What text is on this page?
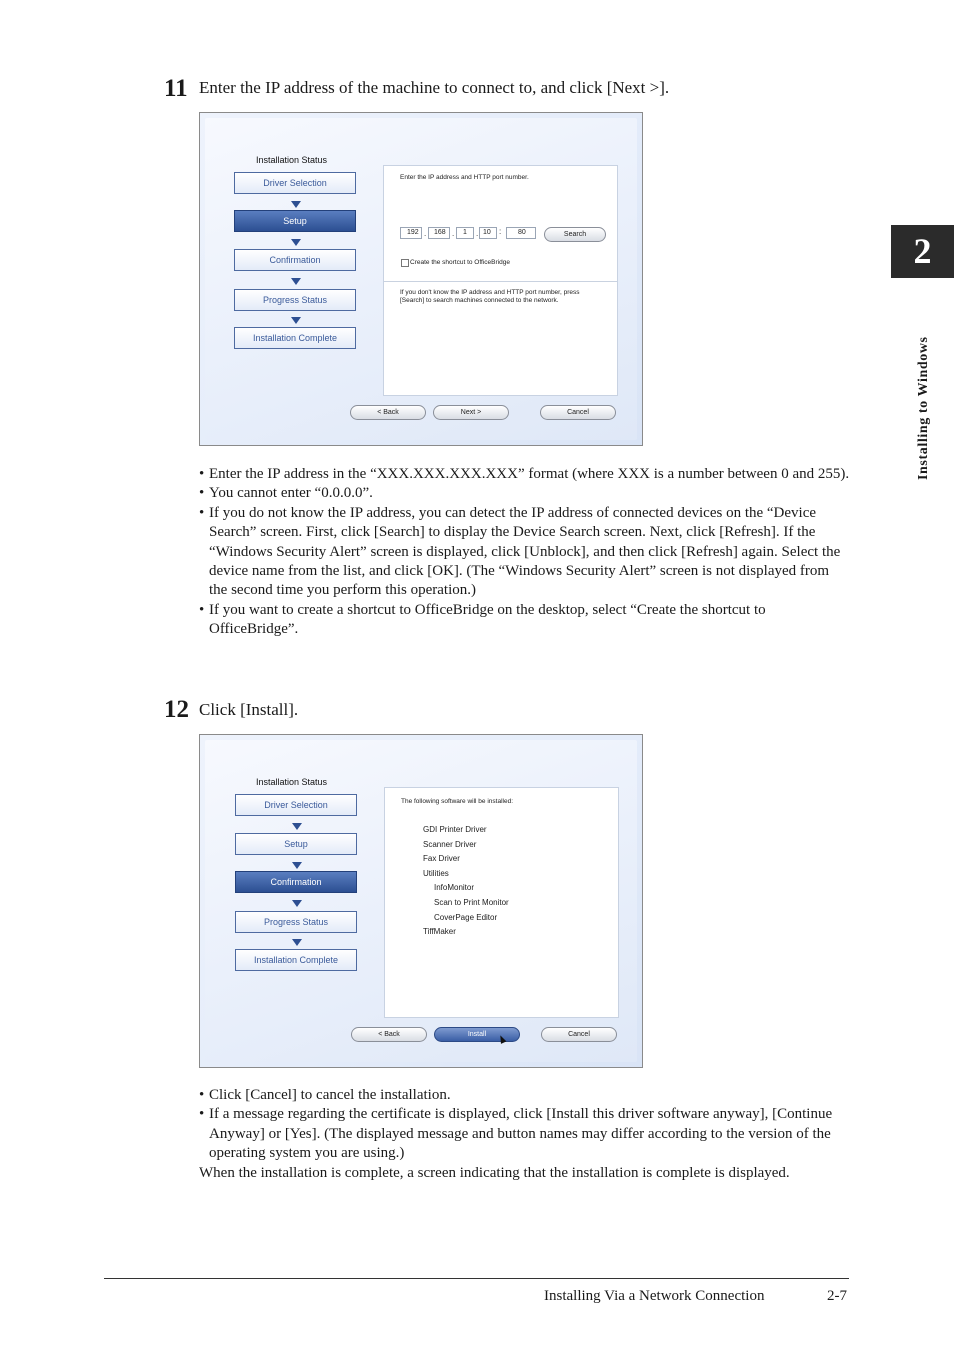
2
Installing to Windows
11 Enter the IP address of the machine to connect to, and click [Next >].
Installation Status
Driver Selection
Setup
Confirmation
Progress Status
Installation Complete
Enter the IP address and HTTP port number.
192 .	168 .	1	. 10	:	80	Search
Create the shortcut to OfficeBridge
If you don't know the IP address and HTTP port number, press
[Search] to search machines connected to the network.
< Back	Next >	Cancel
• Enter the IP address in the “XXX.XXX.XXX.XXX” format (where XXX is a number between 0 and 255).
• You cannot enter “0.0.0.0”.
• If you do not know the IP address, you can detect the IP address of connected devices on the “Device Search” screen. First, click [Search] to display the Device Search screen. Next, click [Refresh]. If the “Windows Security Alert” screen is displayed, click [Unblock], and then click [Refresh] again. Select the device name from the list, and click [OK]. (The “Windows Security Alert” screen is not displayed from the second time you perform this operation.)
• If you want to create a shortcut to OfficeBridge on the desktop, select “Create the shortcut to OfficeBridge”.
12 Click [Install].
Installation Status
Driver Selection
Setup
Confirmation
Progress Status
Installation Complete
The following software will be installed:
GDI Printer Driver
Scanner Driver
Fax Driver
Utilities
InfoMonitor
Scan to Print Monitor
CoverPage Editor
TiffMaker
< Back	Install	Cancel
• Click [Cancel] to cancel the installation.
• If a message regarding the certificate is displayed, click [Install this driver software anyway], [Continue Anyway] or [Yes]. (The displayed message and button names may differ according to the version of the operating system you are using.)
When the installation is complete, a screen indicating that the installation is complete is displayed.
Installing Via a Network Connection	2-7
